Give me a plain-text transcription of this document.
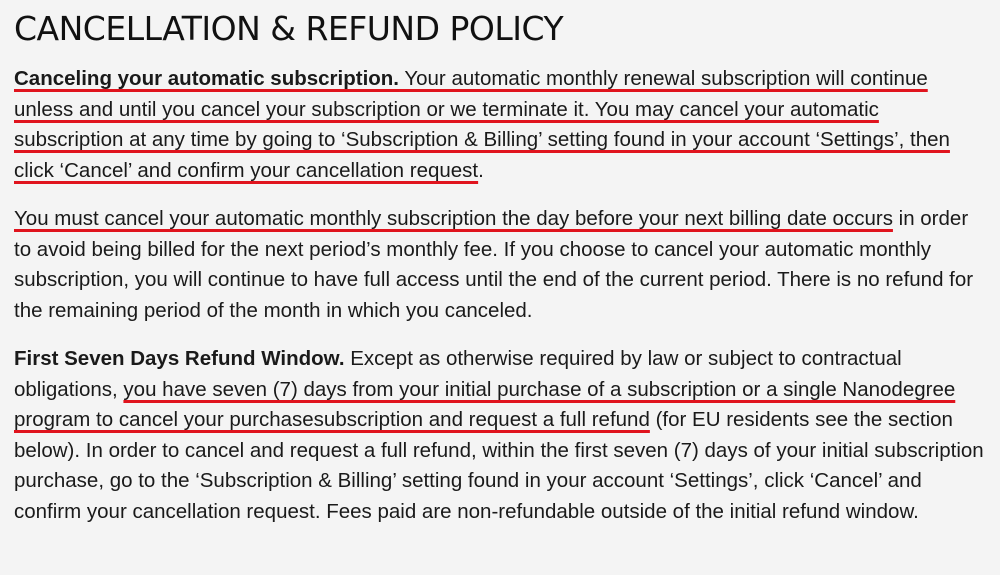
CANCELLATION & REFUND POLICY

Canceling your automatic subscription. Your automatic monthly renewal subscription will continue unless and until you cancel your subscription or we terminate it. You may cancel your automatic subscription at any time by going to ‘Subscription & Billing’ setting found in your account ‘Settings’, then click ‘Cancel’ and confirm your cancellation request.

You must cancel your automatic monthly subscription the day before your next billing date occurs in order to avoid being billed for the next period’s monthly fee. If you choose to cancel your automatic monthly subscription, you will continue to have full access until the end of the current period. There is no refund for the remaining period of the month in which you canceled.

First Seven Days Refund Window. Except as otherwise required by law or subject to contractual obligations, you have seven (7) days from your initial purchase of a subscription or a single Nanodegree program to cancel your purchasesubscription and request a full refund (for EU residents see the section below). In order to cancel and request a full refund, within the first seven (7) days of your initial subscription purchase, go to the ‘Subscription & Billing’ setting found in your account ‘Settings’, click ‘Cancel’ and confirm your cancellation request. Fees paid are non-refundable outside of the initial refund window.
